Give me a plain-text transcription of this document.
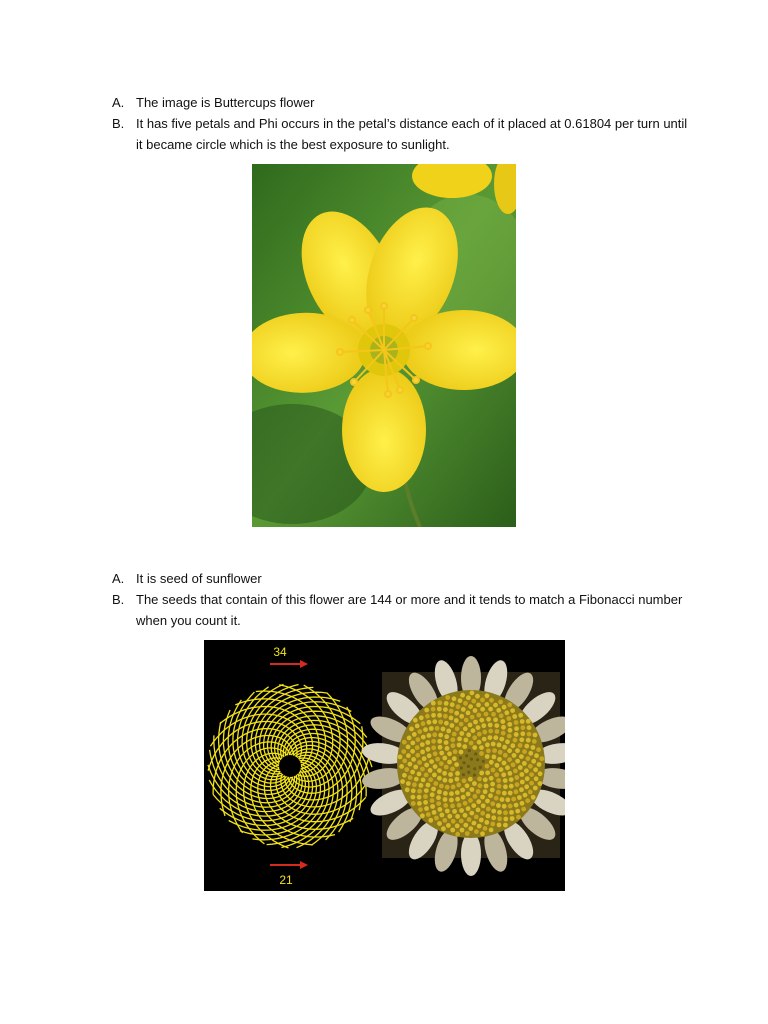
A. The image is Buttercups flower
B. It has five petals and Phi occurs in the petal’s distance each of it placed at 0.61804 per turn until it became circle which is the best exposure to sunlight.
A. It is seed of sunflower
B. The seeds that contain of this flower are 144 or more and it tends to match a Fibonacci number when you count it.
34
21
